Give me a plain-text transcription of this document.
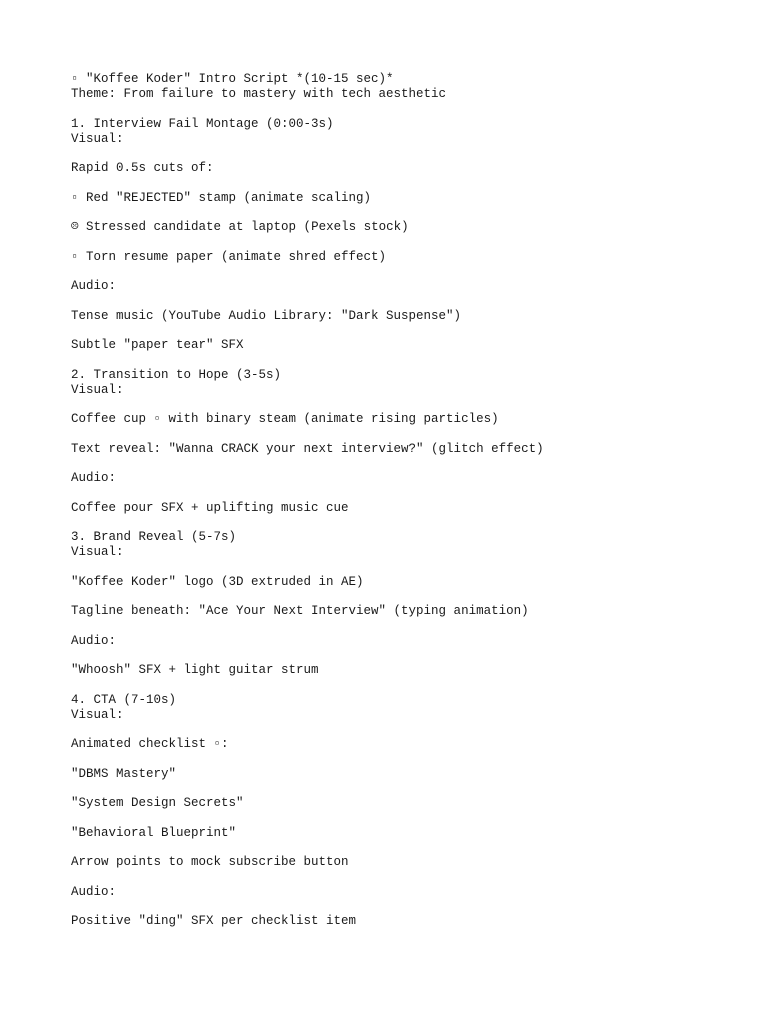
▫ "Koffee Koder" Intro Script *(10-15 sec)*
Theme: From failure to mastery with tech aesthetic
1. Interview Fail Montage (0:00-3s)
Visual:
Rapid 0.5s cuts of:
▫ Red "REJECTED" stamp (animate scaling)
☹ Stressed candidate at laptop (Pexels stock)
▫ Torn resume paper (animate shred effect)
Audio:
Tense music (YouTube Audio Library: "Dark Suspense")
Subtle "paper tear" SFX
2. Transition to Hope (3-5s)
Visual:
Coffee cup ▫ with binary steam (animate rising particles)
Text reveal: "Wanna CRACK your next interview?" (glitch effect)
Audio:
Coffee pour SFX + uplifting music cue
3. Brand Reveal (5-7s)
Visual:
"Koffee Koder" logo (3D extruded in AE)
Tagline beneath: "Ace Your Next Interview" (typing animation)
Audio:
"Whoosh" SFX + light guitar strum
4. CTA (7-10s)
Visual:
Animated checklist ▫:
"DBMS Mastery"
"System Design Secrets"
"Behavioral Blueprint"
Arrow points to mock subscribe button
Audio:
Positive "ding" SFX per checklist item
